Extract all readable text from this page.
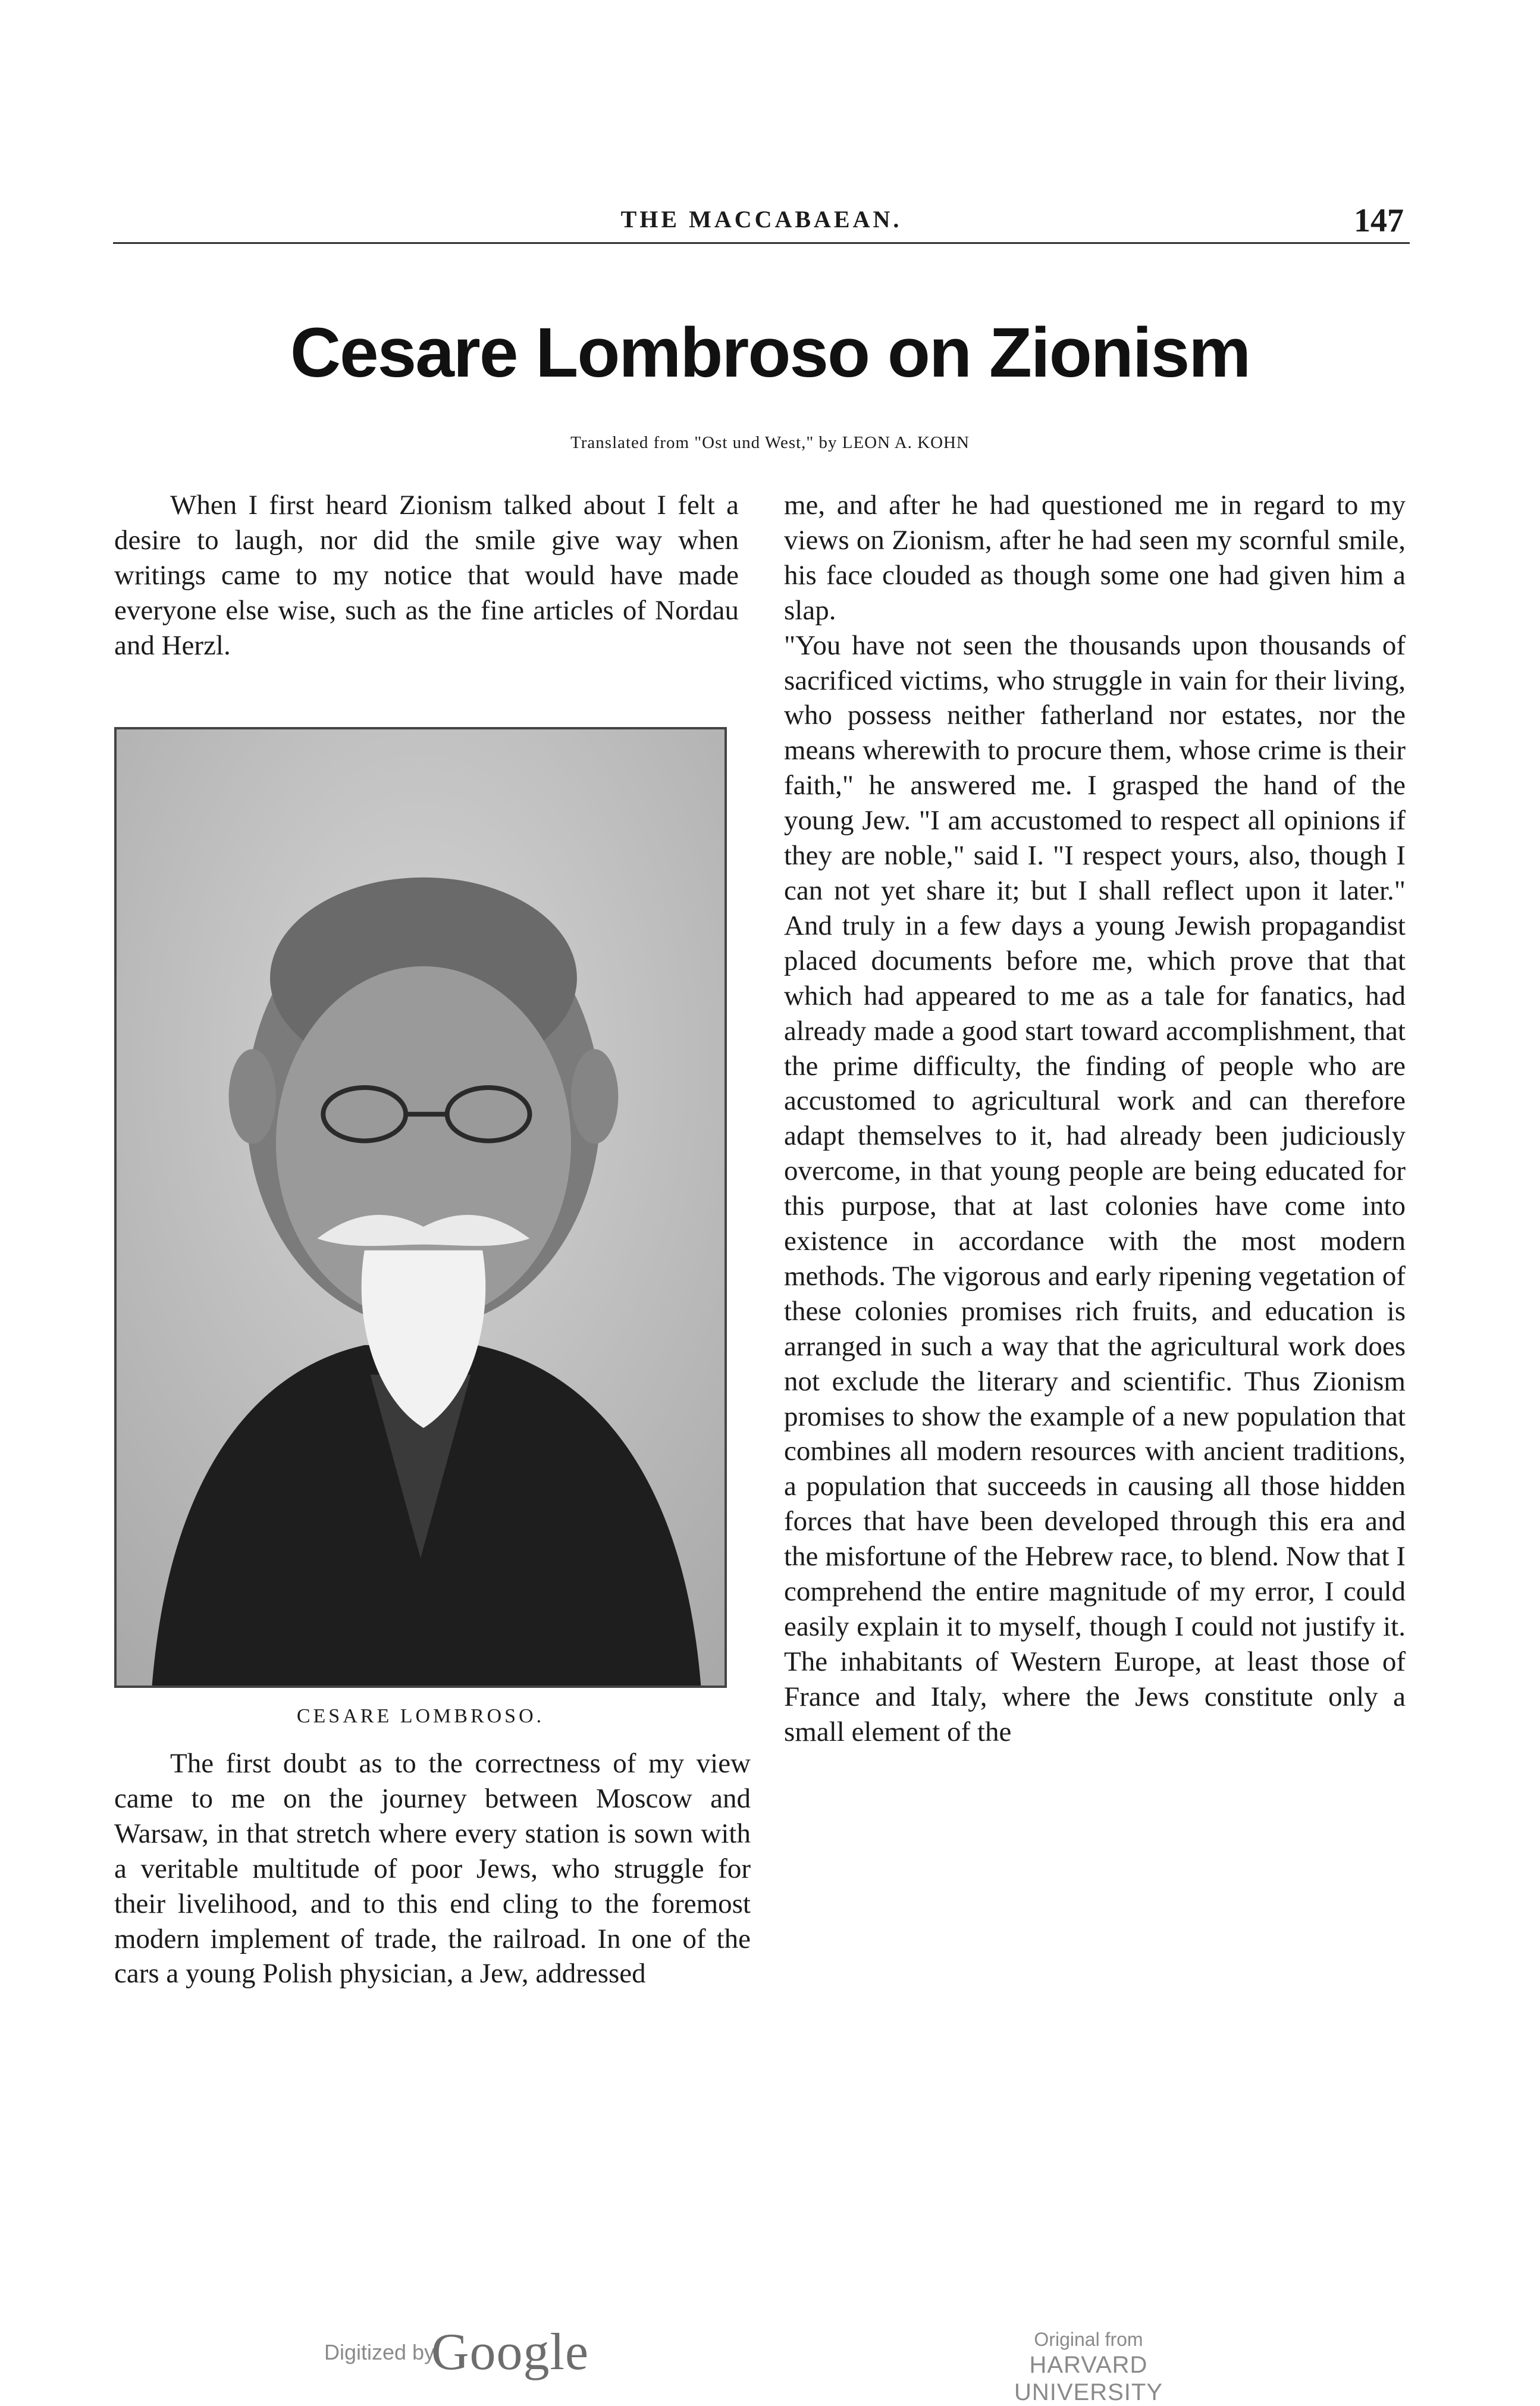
THE MACCABAEAN.	147
Cesare Lombroso on Zionism
Translated from "Ost und West," by LEON A. KOHN

When I first heard Zionism talked about I felt a desire to laugh, nor did the smile give way when writings came to my notice that would have made everyone else wise, such as the fine articles of Nordau and Herzl.

CESARE LOMBROSO.

The first doubt as to the correctness of my view came to me on the journey between Moscow and Warsaw, in that stretch where every station is sown with a veritable multitude of poor Jews, who struggle for their livelihood, and to this end cling to the foremost modern implement of trade, the railroad. In one of the cars a young Polish physician, a Jew, addressed

me, and after he had questioned me in regard to my views on Zionism, after he had seen my scornful smile, his face clouded as though some one had given him a slap.

"You have not seen the thousands upon thousands of sacrificed victims, who struggle in vain for their living, who possess neither fatherland nor estates, nor the means wherewith to procure them, whose crime is their faith," he answered me. I grasped the hand of the young Jew. "I am accustomed to respect all opinions if they are noble," said I. "I respect yours, also, though I can not yet share it; but I shall reflect upon it later." And truly in a few days a young Jewish propagandist placed documents before me, which prove that that which had appeared to me as a tale for fanatics, had already made a good start toward accomplishment, that the prime difficulty, the finding of people who are accustomed to agricultural work and can therefore adapt themselves to it, had already been judiciously overcome, in that young people are being educated for this purpose, that at last colonies have come into existence in accordance with the most modern methods. The vigorous and early ripening vegetation of these colonies promises rich fruits, and education is arranged in such a way that the agricultural work does not exclude the literary and scientific. Thus Zionism promises to show the example of a new population that combines all modern resources with ancient traditions, a population that succeeds in causing all those hidden forces that have been developed through this era and the misfortune of the Hebrew race, to blend. Now that I comprehend the entire magnitude of my error, I could easily explain it to myself, though I could not justify it. The inhabitants of Western Europe, at least those of France and Italy, where the Jews constitute only a small element of the

Digitized by
Google	Original from
HARVARD UNIVERSITY
